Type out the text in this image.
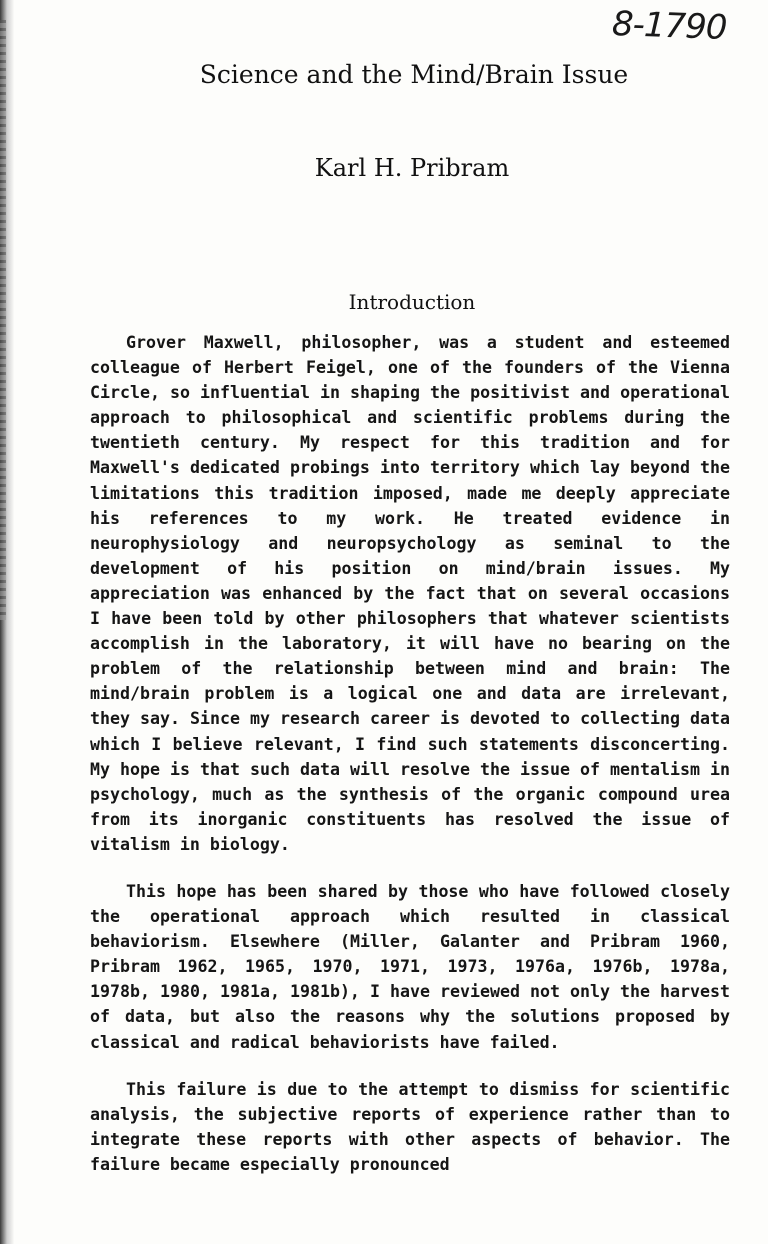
8-1790
Science and the Mind/Brain Issue
Karl H. Pribram
Introduction

Grover Maxwell, philosopher, was a student and esteemed colleague of Herbert Feigel, one of the founders of the Vienna Circle, so influential in shaping the positivist and operational approach to philosophical and scientific problems during the twentieth century. My respect for this tradition and for Maxwell's dedicated probings into territory which lay beyond the limitations this tradition imposed, made me deeply appreciate his references to my work. He treated evidence in neurophysiology and neuropsychology as seminal to the development of his position on mind/brain issues. My appreciation was enhanced by the fact that on several occasions I have been told by other philosophers that whatever scientists accomplish in the laboratory, it will have no bearing on the problem of the relationship between mind and brain: The mind/brain problem is a logical one and data are irrelevant, they say. Since my research career is devoted to collecting data which I believe relevant, I find such statements disconcerting. My hope is that such data will resolve the issue of mentalism in psychology, much as the synthesis of the organic compound urea from its inorganic constituents has resolved the issue of vitalism in biology.

This hope has been shared by those who have followed closely the operational approach which resulted in classical behaviorism. Elsewhere (Miller, Galanter and Pribram 1960, Pribram 1962, 1965, 1970, 1971, 1973, 1976a, 1976b, 1978a, 1978b, 1980, 1981a, 1981b), I have reviewed not only the harvest of data, but also the reasons why the solutions proposed by classical and radical behaviorists have failed.

This failure is due to the attempt to dismiss for scientific analysis, the subjective reports of experience rather than to integrate these reports with other aspects of behavior. The failure became especially pronounced
